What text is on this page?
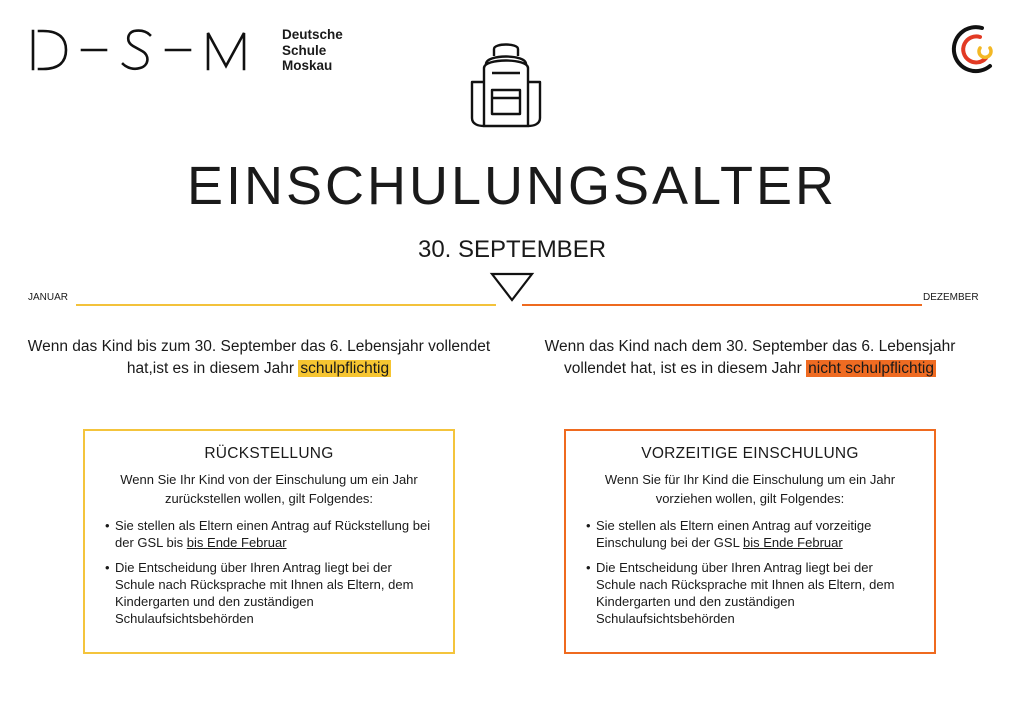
Deutsche
Schule
Moskau
EINSCHULUNGSALTER
30. SEPTEMBER
JANUAR	DEZEMBER
Wenn das Kind bis zum 30. September das 6. Lebensjahr vollendet hat,ist es in diesem Jahr schulpflichtig
Wenn das Kind nach dem 30. September das 6. Lebensjahr vollendet hat, ist es in diesem Jahr nicht schulpflichtig
RÜCKSTELLUNG
Wenn Sie Ihr Kind von der Einschulung um ein Jahr zurückstellen wollen, gilt Folgendes:
• Sie stellen als Eltern einen Antrag auf Rückstellung bei der GSL bis bis Ende Februar
• Die Entscheidung über Ihren Antrag liegt bei der Schule nach Rücksprache mit Ihnen als Eltern, dem Kindergarten und den zuständigen Schulaufsichtsbehörden
VORZEITIGE EINSCHULUNG
Wenn Sie für Ihr Kind die Einschulung um ein Jahr vorziehen wollen, gilt Folgendes:
• Sie stellen als Eltern einen Antrag auf vorzeitige Einschulung bei der GSL bis Ende Februar
• Die Entscheidung über Ihren Antrag liegt bei der Schule nach Rücksprache mit Ihnen als Eltern, dem Kindergarten und den zuständigen Schulaufsichtsbehörden
